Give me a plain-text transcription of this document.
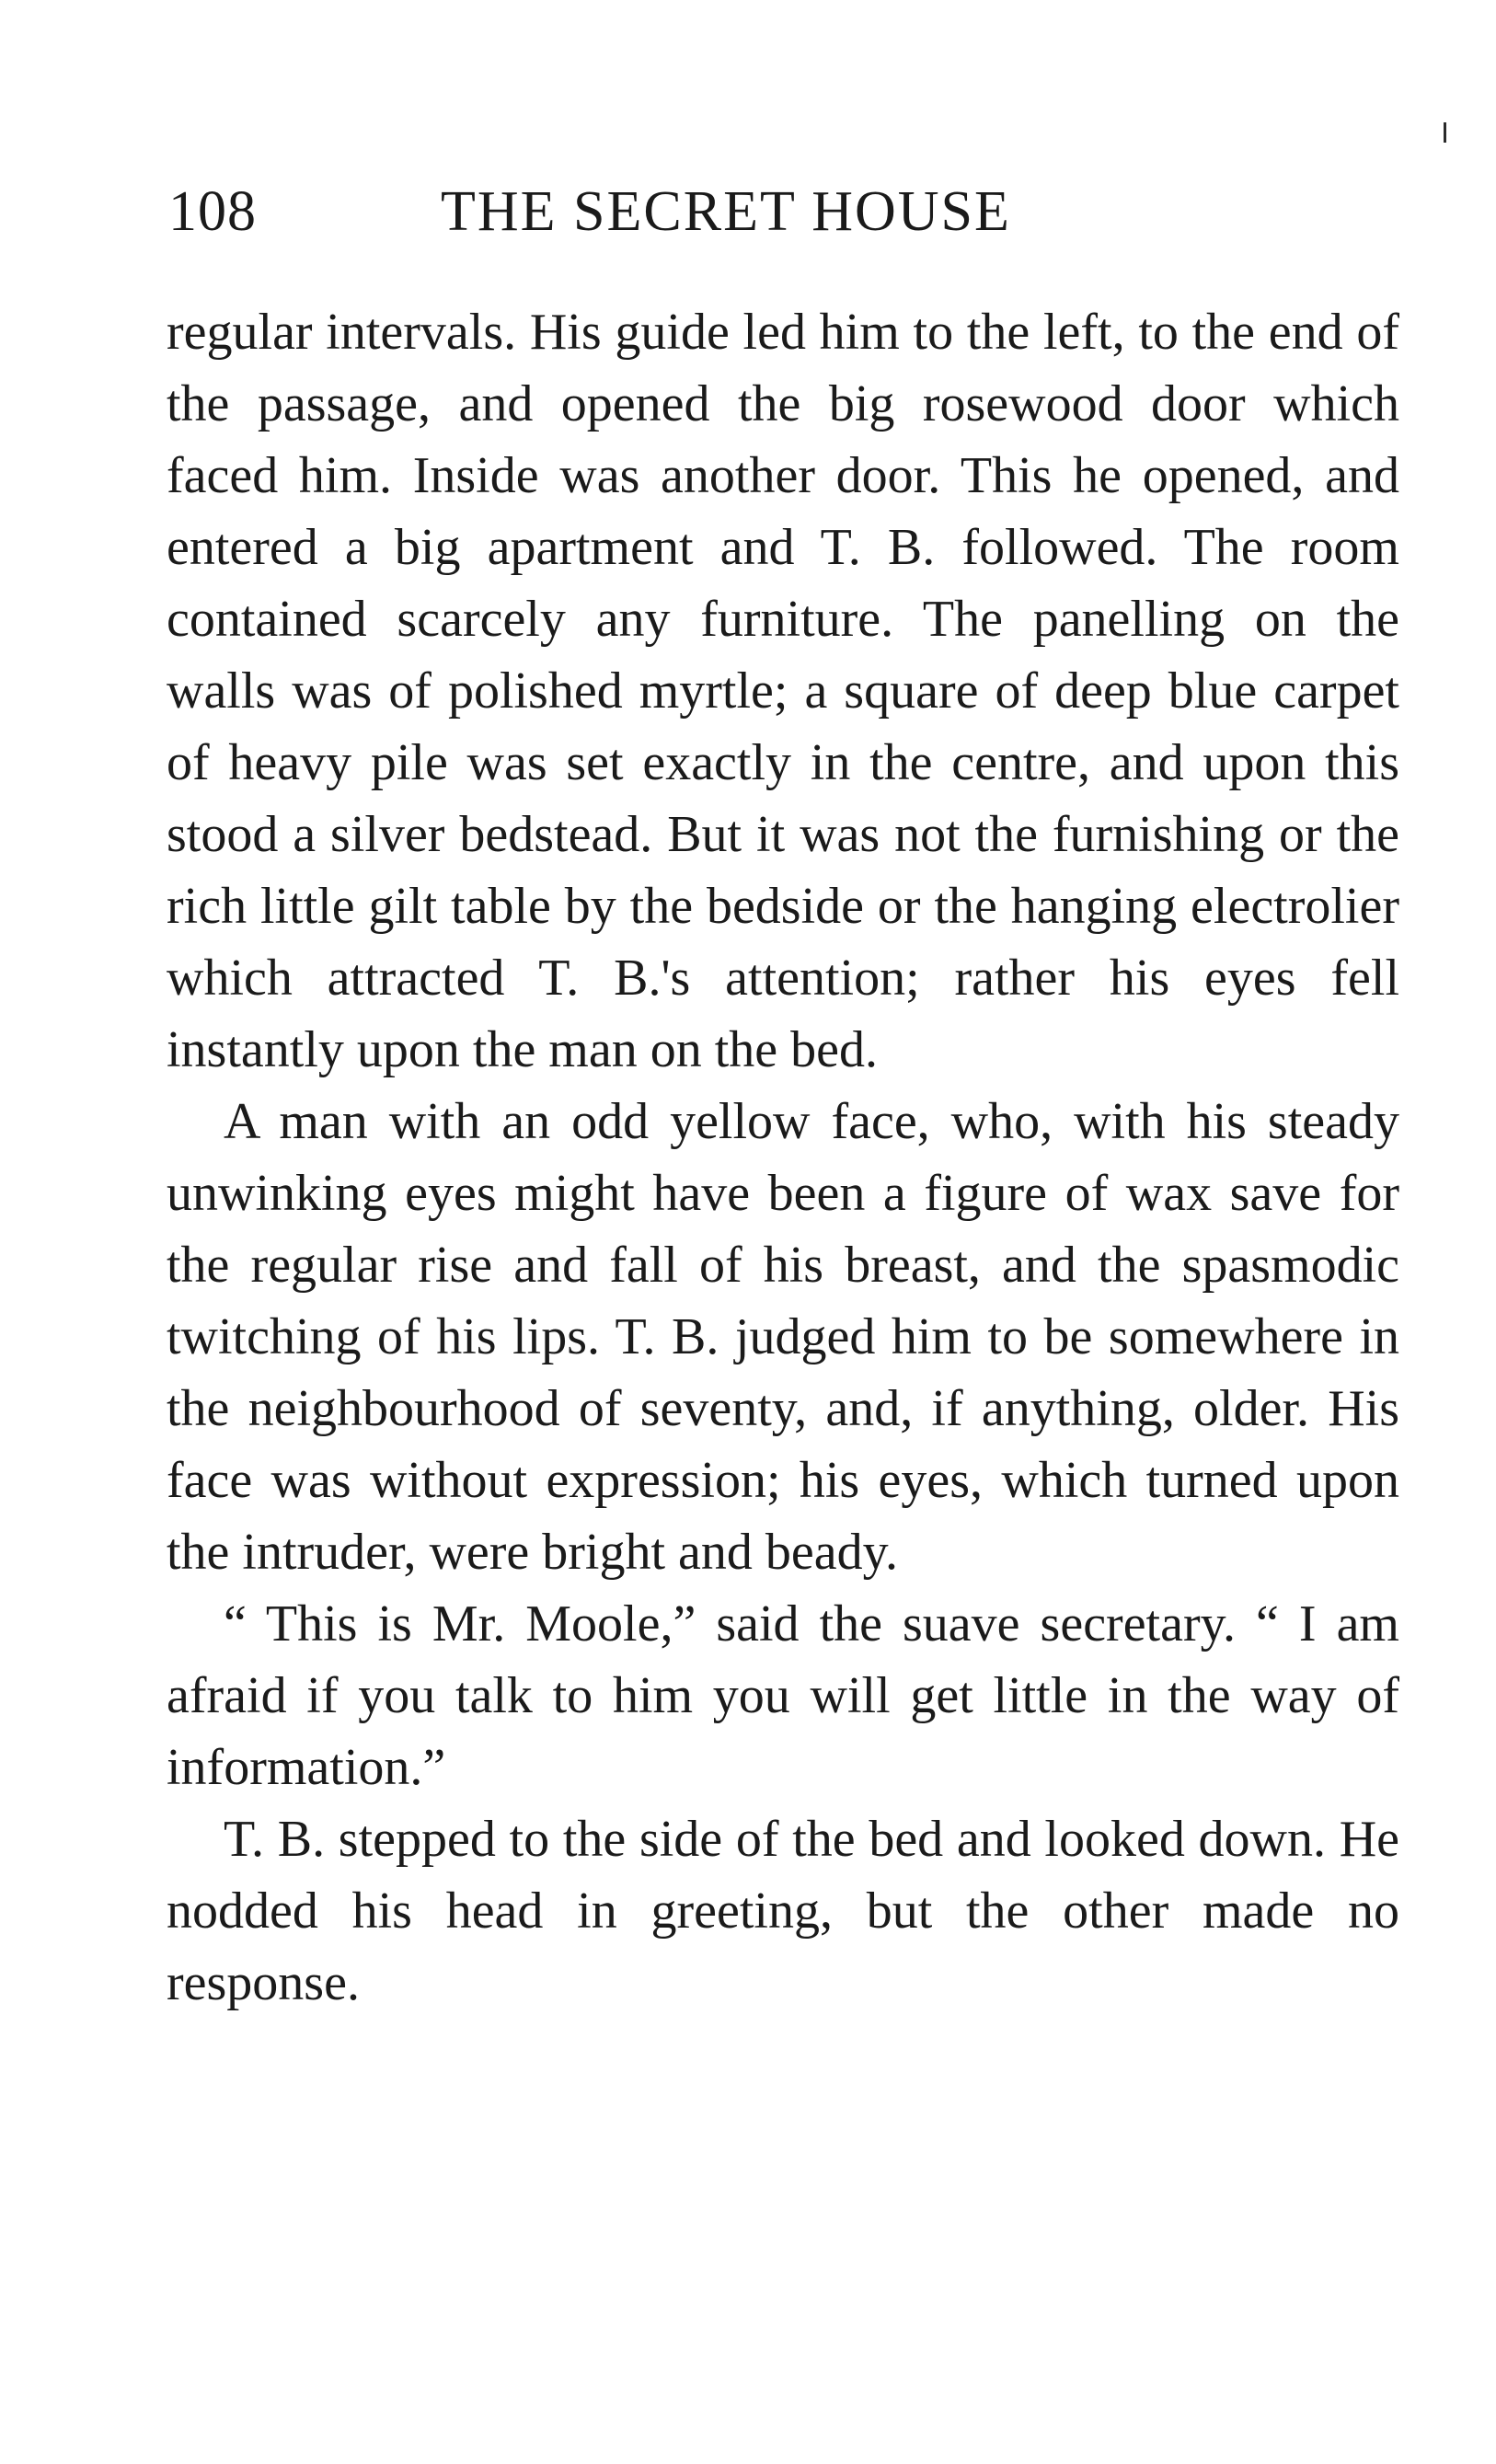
108	THE SECRET HOUSE

regular intervals. His guide led him to the left, to the end of the passage, and opened the big rosewood door which faced him. Inside was another door. This he opened, and entered a big apartment and T. B. followed. The room contained scarcely any furniture. The panelling on the walls was of polished myrtle; a square of deep blue carpet of heavy pile was set exactly in the centre, and upon this stood a silver bedstead. But it was not the furnishing or the rich little gilt table by the bedside or the hanging electrolier which attracted T. B.'s attention; rather his eyes fell instantly upon the man on the bed.

A man with an odd yellow face, who, with his steady unwinking eyes might have been a figure of wax save for the regular rise and fall of his breast, and the spasmodic twitching of his lips. T. B. judged him to be somewhere in the neighbourhood of seventy, and, if anything, older. His face was without expression; his eyes, which turned upon the intruder, were bright and beady.

“ This is Mr. Moole,” said the suave secretary. “ I am afraid if you talk to him you will get little in the way of information.”

T. B. stepped to the side of the bed and looked down. He nodded his head in greeting, but the other made no response.
